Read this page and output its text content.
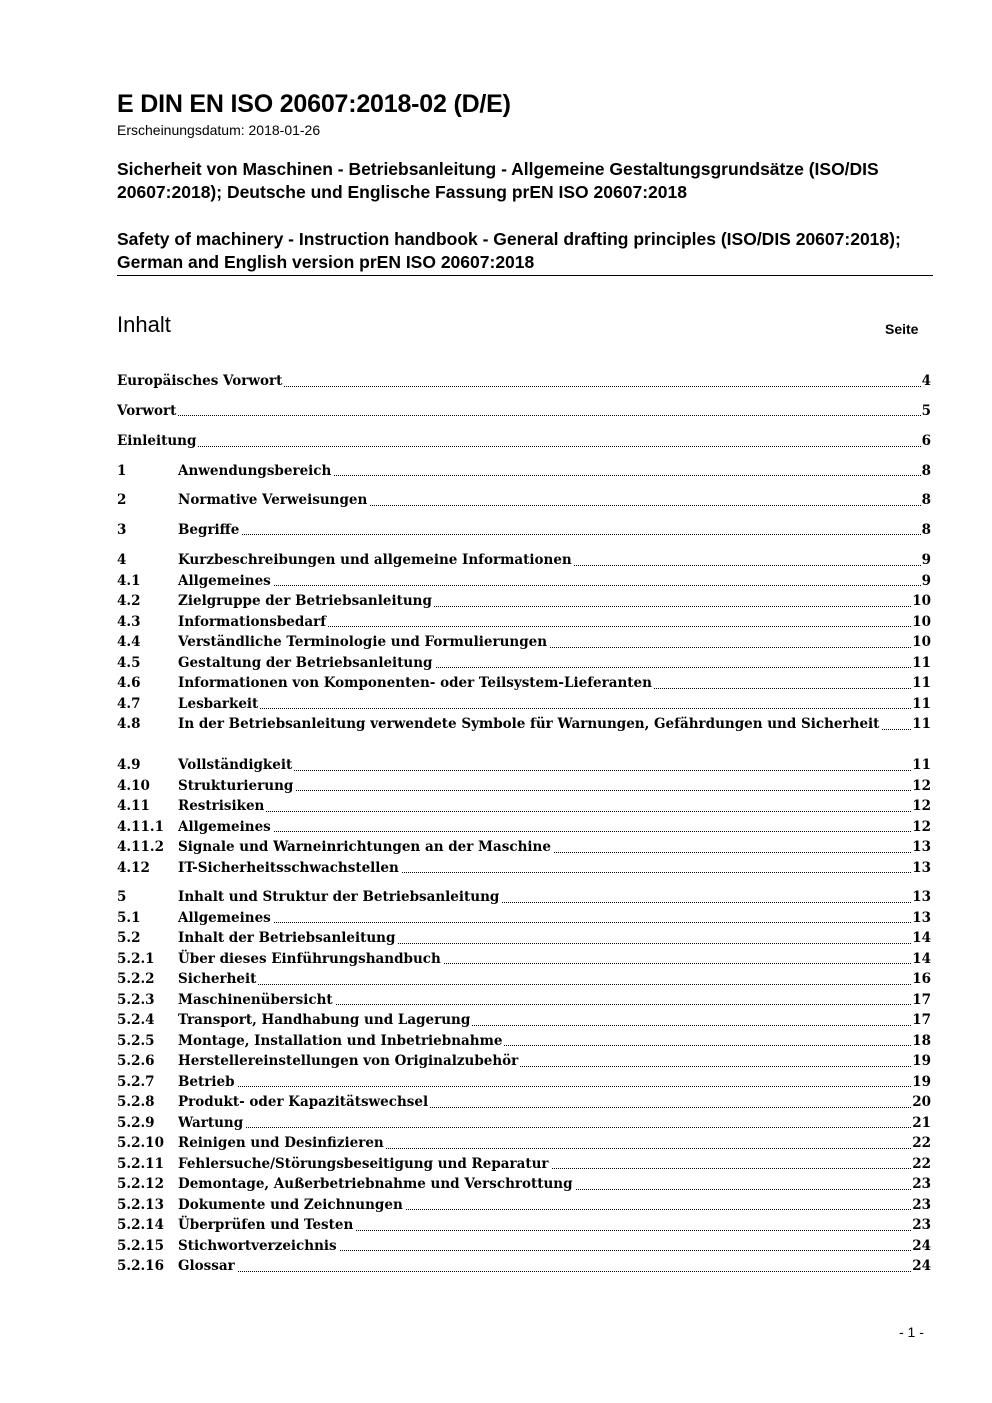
E DIN EN ISO 20607:2018-02 (D/E)
Erscheinungsdatum: 2018-01-26
Sicherheit von Maschinen - Betriebsanleitung - Allgemeine Gestaltungsgrundsätze (ISO/DIS 20607:2018); Deutsche und Englische Fassung prEN ISO 20607:2018
Safety of machinery - Instruction handbook - General drafting principles (ISO/DIS 20607:2018); German and English version prEN ISO 20607:2018
Inhalt	Seite
Europäisches Vorwort	4
Vorwort	5
Einleitung	6
1	Anwendungsbereich	8
2	Normative Verweisungen	8
3	Begriffe	8
4	Kurzbeschreibungen und allgemeine Informationen	9
4.1	Allgemeines	9
4.2	Zielgruppe der Betriebsanleitung	10
4.3	Informationsbedarf	10
4.4	Verständliche Terminologie und Formulierungen	10
4.5	Gestaltung der Betriebsanleitung	11
4.6	Informationen von Komponenten- oder Teilsystem-Lieferanten	11
4.7	Lesbarkeit	11
4.8	In der Betriebsanleitung verwendete Symbole für Warnungen, Gefährdungen und Sicherheit	11
4.9	Vollständigkeit	11
4.10	Strukturierung	12
4.11	Restrisiken	12
4.11.1	Allgemeines	12
4.11.2	Signale und Warneinrichtungen an der Maschine	13
4.12	IT-Sicherheitsschwachstellen	13
5	Inhalt und Struktur der Betriebsanleitung	13
5.1	Allgemeines	13
5.2	Inhalt der Betriebsanleitung	14
5.2.1	Über dieses Einführungshandbuch	14
5.2.2	Sicherheit	16
5.2.3	Maschinenübersicht	17
5.2.4	Transport, Handhabung und Lagerung	17
5.2.5	Montage, Installation und Inbetriebnahme	18
5.2.6	Herstellereinstellungen von Originalzubehör	19
5.2.7	Betrieb	19
5.2.8	Produkt- oder Kapazitätswechsel	20
5.2.9	Wartung	21
5.2.10	Reinigen und Desinfizieren	22
5.2.11	Fehlersuche/Störungsbeseitigung und Reparatur	22
5.2.12	Demontage, Außerbetriebnahme und Verschrottung	23
5.2.13	Dokumente und Zeichnungen	23
5.2.14	Überprüfen und Testen	23
5.2.15	Stichwortverzeichnis	24
5.2.16	Glossar	24
- 1 -
